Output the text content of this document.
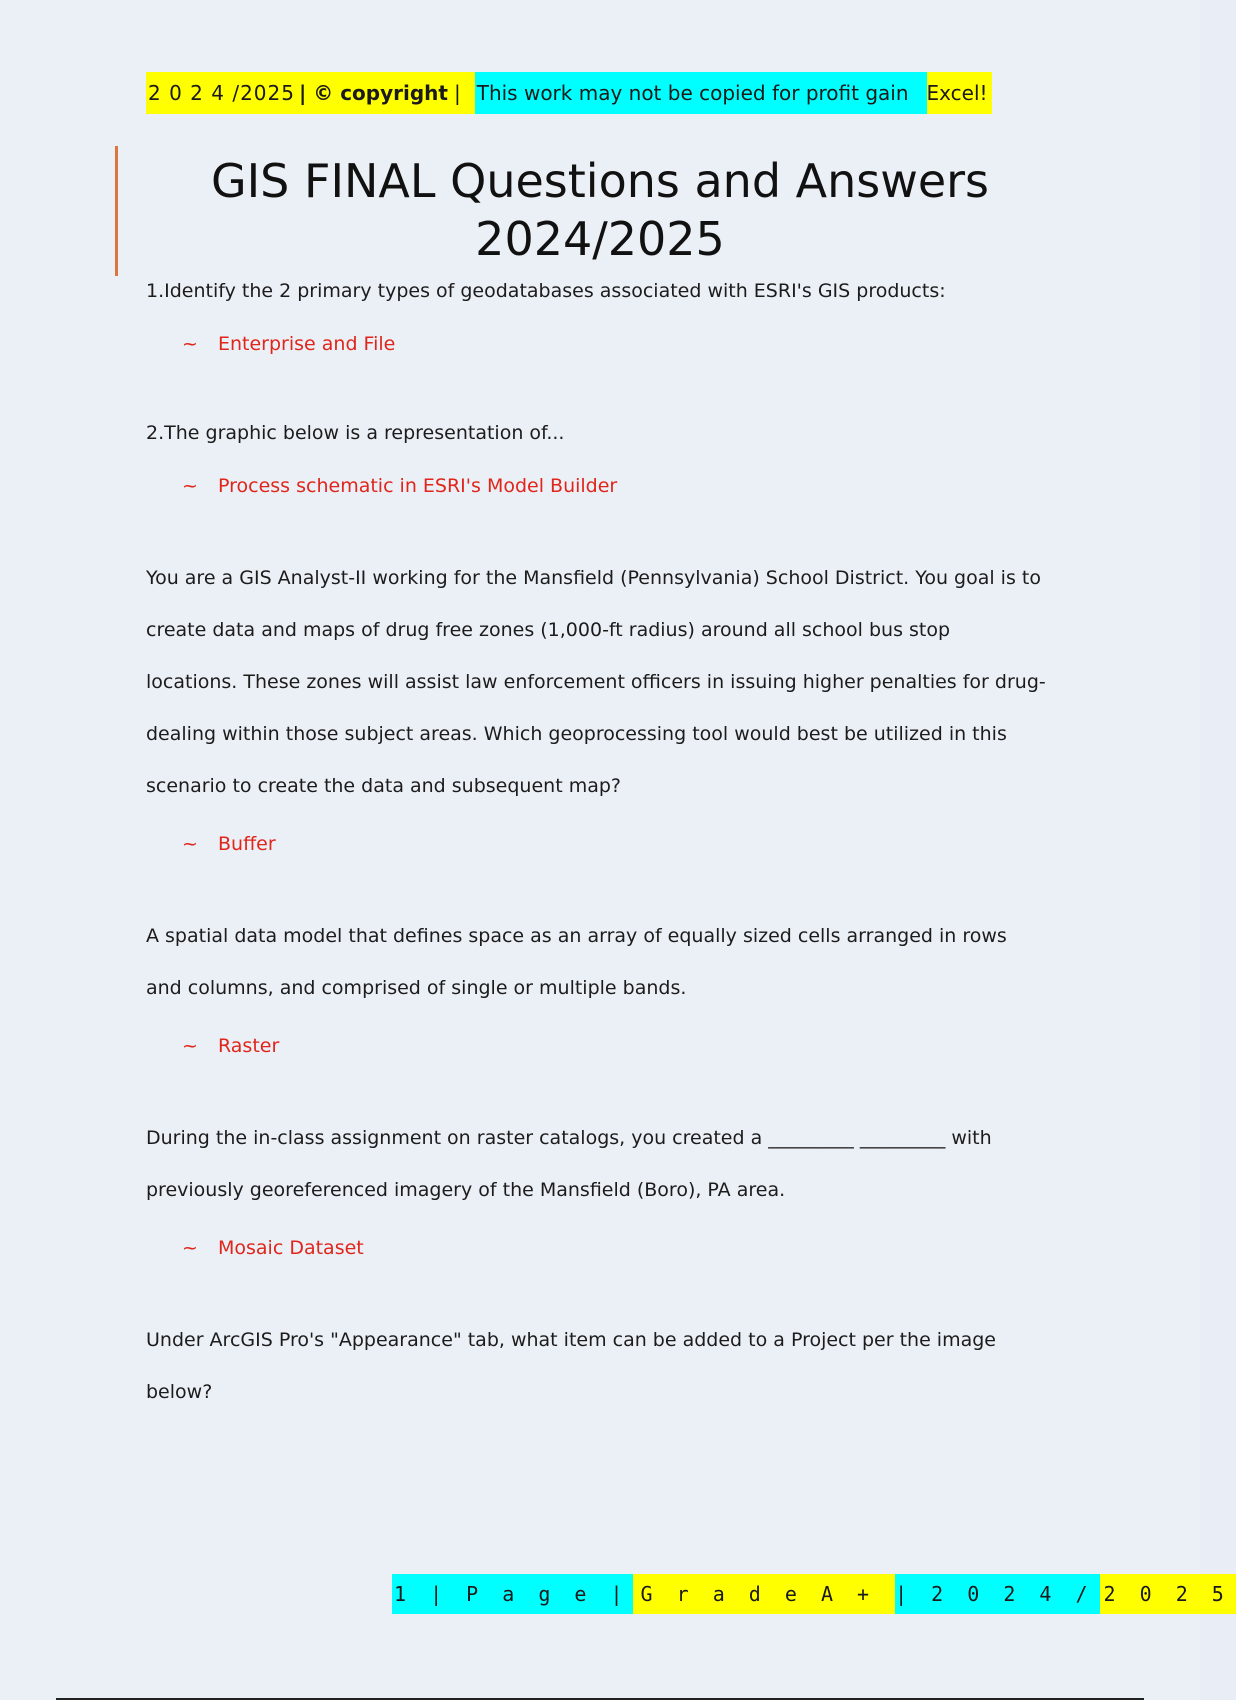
2 0 2 4 /2025 | © copyright | This work may not be copied for profit gain Excel!
GIS FINAL Questions and Answers
2024/2025

1.Identify the 2 primary types of geodatabases associated with ESRI's GIS products:

~	Enterprise and File

2.The graphic below is a representation of...

~	Process schematic in ESRI's Model Builder

You are a GIS Analyst-II working for the Mansfield (Pennsylvania) School District. You goal is to create data and maps of drug free zones (1,000-ft radius) around all school bus stop locations. These zones will assist law enforcement officers in issuing higher penalties for drug-dealing within those subject areas. Which geoprocessing tool would best be utilized in this scenario to create the data and subsequent map?

~	Buffer

A spatial data model that defines space as an array of equally sized cells arranged in rows and columns, and comprised of single or multiple bands.

~	Raster

During the in-class assignment on raster catalogs, you created a _________ _________ with previously georeferenced imagery of the Mansfield (Boro), PA area.

~	Mosaic Dataset

Under ArcGIS Pro's "Appearance" tab, what item can be added to a Project per the image below?

1 | P a g e | G r a d e A +	| 2 0 2 4 / 2 0 2 5
